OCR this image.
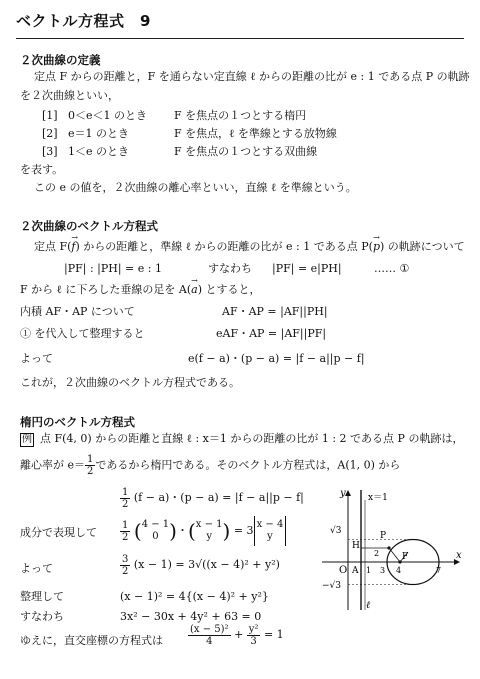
ベクトル方程式　9
２次曲線の定義
定点 F からの距離と，F を通らない定直線 ℓ からの距離の比が e : 1 である点 P の軌跡
を２次曲線といい，
[1] 0＜e＜1 のとき F を焦点の１つとする楕円
[2] e＝1 のとき	F を焦点，ℓ を準線とする放物線
[3] 1＜e のとき	F を焦点の１つとする双曲線
を表す。
この e の値を，２次曲線の離心率といい，直線 ℓ を準線という。
２次曲線のベクトル方程式
定点 F(→ f) からの距離と，準線 ℓ からの距離の比が e : 1 である点 P(→ p) の軌跡について
|PF| : |PH| = e : 1	すなわち |PF| = e|PH|	…… ①
F から ℓ に下ろした垂線の足を A(→ a) とすると，
内積 AF・AP について	AF・AP = |AF||PH|
① を代入して整理すると	eAF・AP = |AF||PF|
よって	e(f − a)・(p − a) = |f − a||p − f|
これが，２次曲線のベクトル方程式である。
楕円のベクトル方程式
例 点 F(4, 0) からの距離と直線 ℓ : x＝1 からの距離の比が 1 : 2 である点 P の軌跡は，
離心率が $e= \frac{1}{2}$ であるから楕円である。そのベクトル方程式は，A(1, 0) から
$\frac{1}{2} (f - a)$・(p − a) = |f − a||p − f|
成分で表現して $\frac{1}{2}$ ( 4 − 1
0 )・( x − 1
y ) = 3 x − 4
y
よって	$\frac{3}{2} (x - 1) = 3√((x - 4)^2 + y^2)$
整理して	(x − 1)² = 4{(x − 4)² + y²}
すなわち	3x² − 30x + 4y² + 63 = 0
ゆえに，直交座標の方程式は	$\frac{\text{(x − 5)²}}{4} + \frac{\text{y²}}{3} = 1$
y
x
x＝1
ℓ
O A
F
P
H
√3
−√3
2
1 3 4	7
